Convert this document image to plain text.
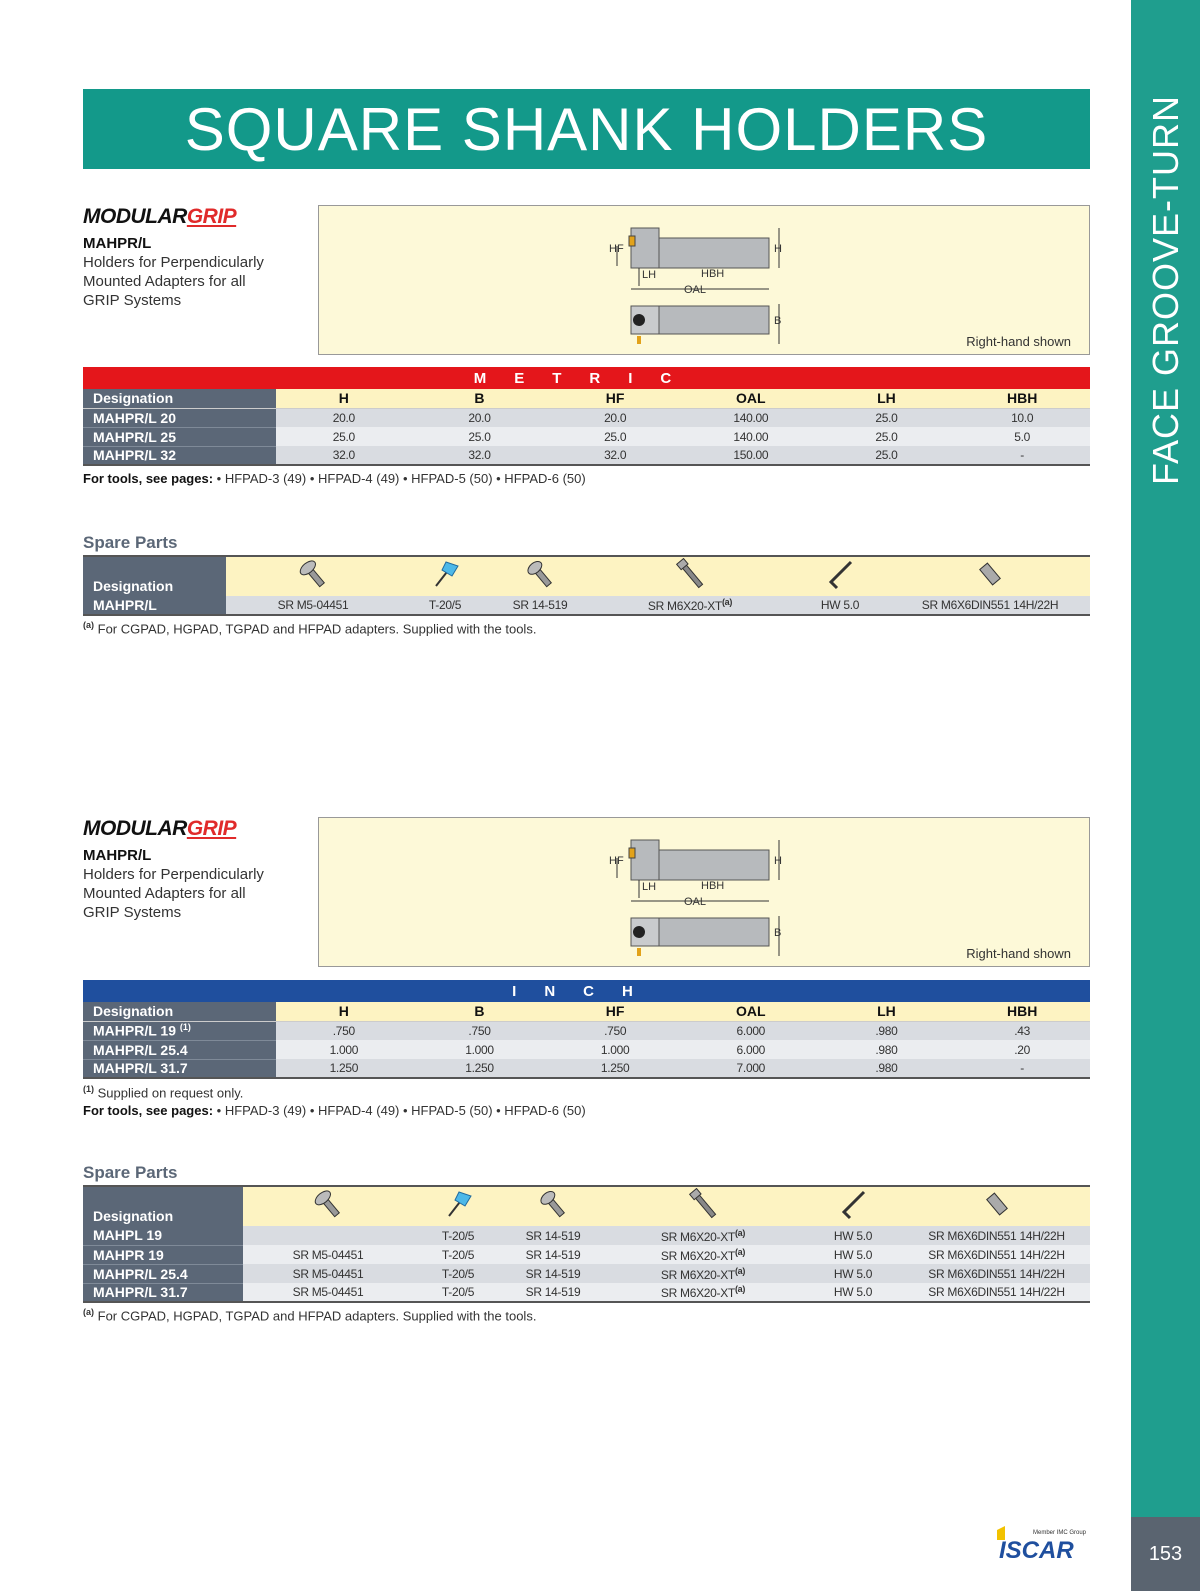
FACE GROOVE-TURN
153
SQUARE SHANK HOLDERS
MODULARGRIP
MAHPR/L
Holders for Perpendicularly Mounted Adapters for all GRIP Systems
HF	H
LH	HBH
OAL
B
Right-hand shown
METRIC						
Designation	H	B	HF	OAL	LH	HBH
MAHPR/L 20	20.0	20.0	20.0	140.00	25.0	10.0
MAHPR/L 25	25.0	25.0	25.0	140.00	25.0	5.0
MAHPR/L 32	32.0	32.0	32.0	150.00	25.0	-
For tools, see pages: • HFPAD-3 (49) • HFPAD-4 (49) • HFPAD-5 (50) • HFPAD-6 (50)
Spare Parts
Designation						
MAHPR/L	SR M5-04451	T-20/5	SR 14-519	SR M6X20-XT$^{(a)}$	HW 5.0	SR M6X6DIN551 14H/22H
$^{(a)}$ For CGPAD, HGPAD, TGPAD and HFPAD adapters. Supplied with the tools.
MODULARGRIP
MAHPR/L
Holders for Perpendicularly Mounted Adapters for all GRIP Systems
HF	H
LH	HBH
OAL
B
Right-hand shown
INCH						
Designation	H	B	HF	OAL	LH	HBH
MAHPR/L 19 $^{(1)}$	.750	.750	.750	6.000	.980	.43
MAHPR/L 25.4	1.000	1.000	1.000	6.000	.980	.20
MAHPR/L 31.7	1.250	1.250	1.250	7.000	.980	-
$^{(1)}$ Supplied on request only.
For tools, see pages: • HFPAD-3 (49) • HFPAD-4 (49) • HFPAD-5 (50) • HFPAD-6 (50)
Spare Parts
Designation						
MAHPL 19		T-20/5	SR 14-519	SR M6X20-XT$^{(a)}$	HW 5.0	SR M6X6DIN551 14H/22H
MAHPR 19	SR M5-04451	T-20/5	SR 14-519	SR M6X20-XT$^{(a)}$	HW 5.0	SR M6X6DIN551 14H/22H
MAHPR/L 25.4	SR M5-04451	T-20/5	SR 14-519	SR M6X20-XT$^{(a)}$	HW 5.0	SR M6X6DIN551 14H/22H
MAHPR/L 31.7	SR M5-04451	T-20/5	SR 14-519	SR M6X20-XT$^{(a)}$	HW 5.0	SR M6X6DIN551 14H/22H
$^{(a)}$ For CGPAD, HGPAD, TGPAD and HFPAD adapters. Supplied with the tools.
Member IMC Group
ISCAR
